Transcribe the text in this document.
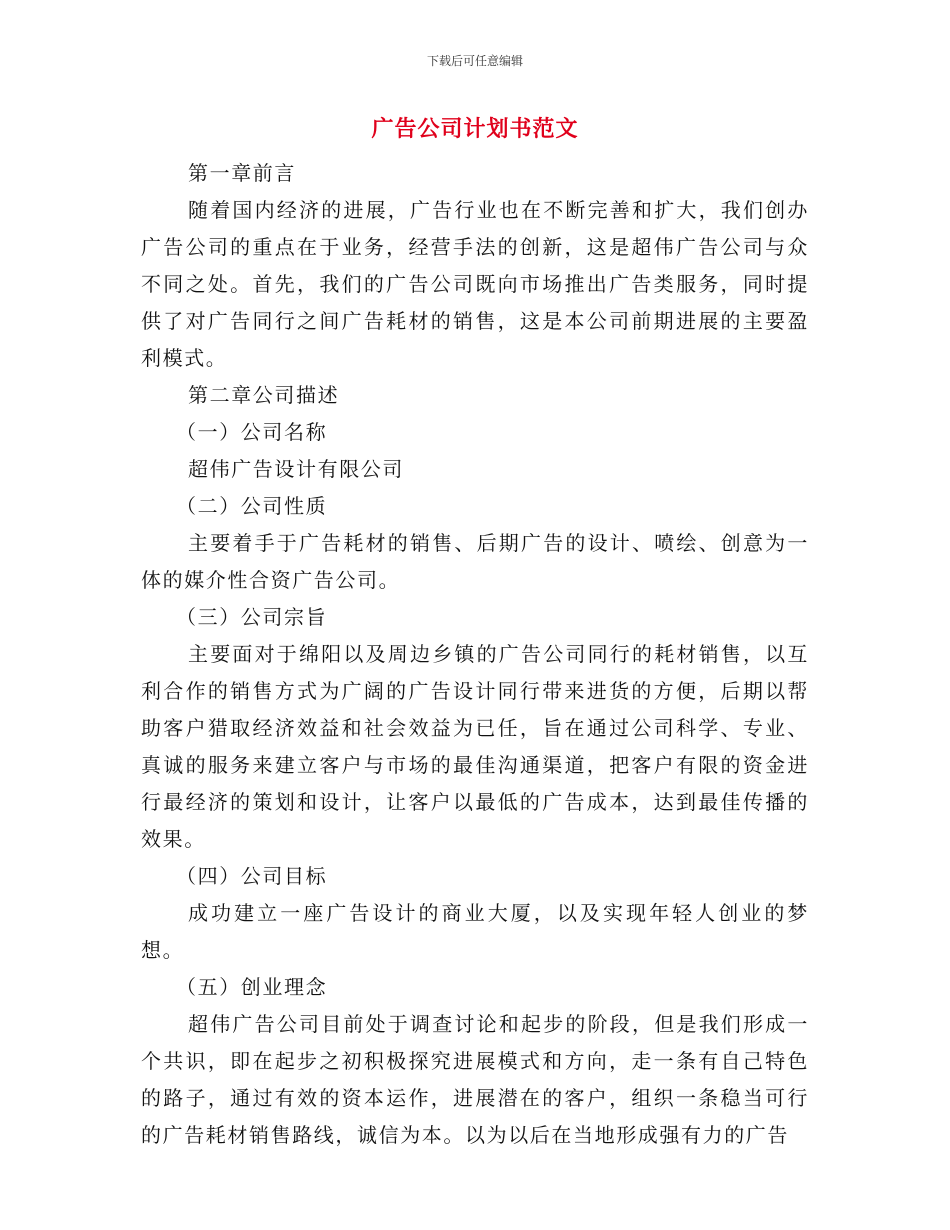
下载后可任意编辑
广告公司计划书范文

第一章前言

随着国内经济的进展，广告行业也在不断完善和扩大，我们创办广告公司的重点在于业务，经营手法的创新，这是超伟广告公司与众不同之处。首先，我们的广告公司既向市场推出广告类服务，同时提供了对广告同行之间广告耗材的销售，这是本公司前期进展的主要盈利模式。

第二章公司描述

（一）公司名称

超伟广告设计有限公司

（二）公司性质

主要着手于广告耗材的销售、后期广告的设计、喷绘、创意为一体的媒介性合资广告公司。

（三）公司宗旨

主要面对于绵阳以及周边乡镇的广告公司同行的耗材销售，以互利合作的销售方式为广阔的广告设计同行带来进货的方便，后期以帮助客户猎取经济效益和社会效益为已任，旨在通过公司科学、专业、真诚的服务来建立客户与市场的最佳沟通渠道，把客户有限的资金进行最经济的策划和设计，让客户以最低的广告成本，达到最佳传播的效果。

（四）公司目标

成功建立一座广告设计的商业大厦，以及实现年轻人创业的梦想。

（五）创业理念

超伟广告公司目前处于调查讨论和起步的阶段，但是我们形成一个共识，即在起步之初积极探究进展模式和方向，走一条有自己特色的路子，通过有效的资本运作，进展潜在的客户，组织一条稳当可行的广告耗材销售路线，诚信为本。以为以后在当地形成强有力的广告
